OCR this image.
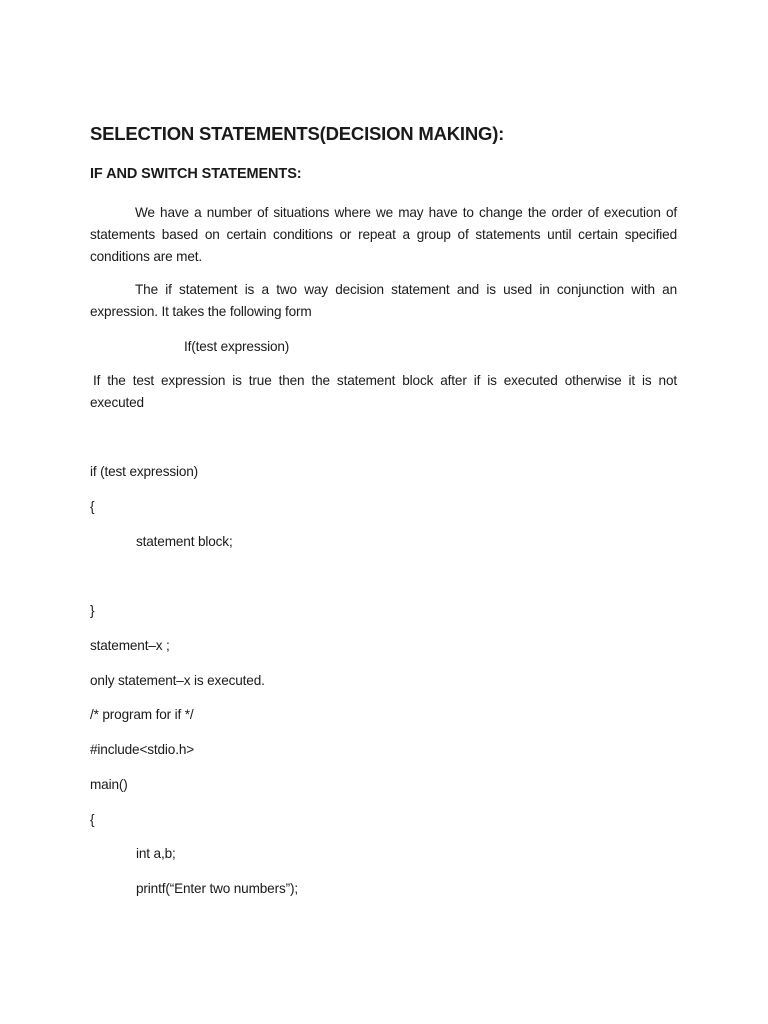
SELECTION STATEMENTS(DECISION MAKING):
IF AND SWITCH STATEMENTS:
We have a number of situations where we may have to change the order of execution of statements based on certain conditions or repeat a group of statements until certain specified conditions are met.
The if statement is a two way decision statement and is used in conjunction with an expression. It takes the following form
If(test expression)
If the test expression is true then the statement block after if is executed otherwise it is not executed
if (test expression)
{
statement block;
}
statement–x ;
only statement–x is executed.
/* program for if */
#include<stdio.h>
main()
{
int a,b;
printf(“Enter two numbers”);
